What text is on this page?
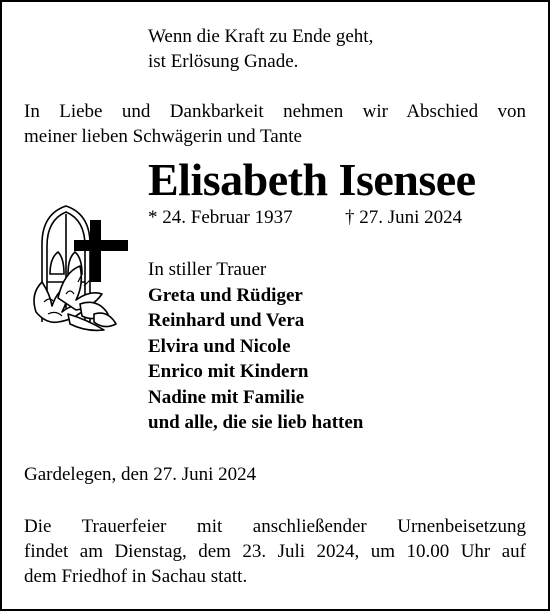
Wenn die Kraft zu Ende geht,
ist Erlösung Gnade.
In Liebe und Dankbarkeit nehmen wir Abschied von
meiner lieben Schwägerin und Tante
Elisabeth Isensee
* 24. Februar 1937	† 27. Juni 2024
In stiller Trauer
Greta und Rüdiger
Reinhard und Vera
Elvira und Nicole
Enrico mit Kindern
Nadine mit Familie
und alle, die sie lieb hatten
Gardelegen, den 27. Juni 2024
Die Trauerfeier mit anschließender Urnenbeisetzung
findet am Dienstag, dem 23. Juli 2024, um 10.00 Uhr auf
dem Friedhof in Sachau statt.
